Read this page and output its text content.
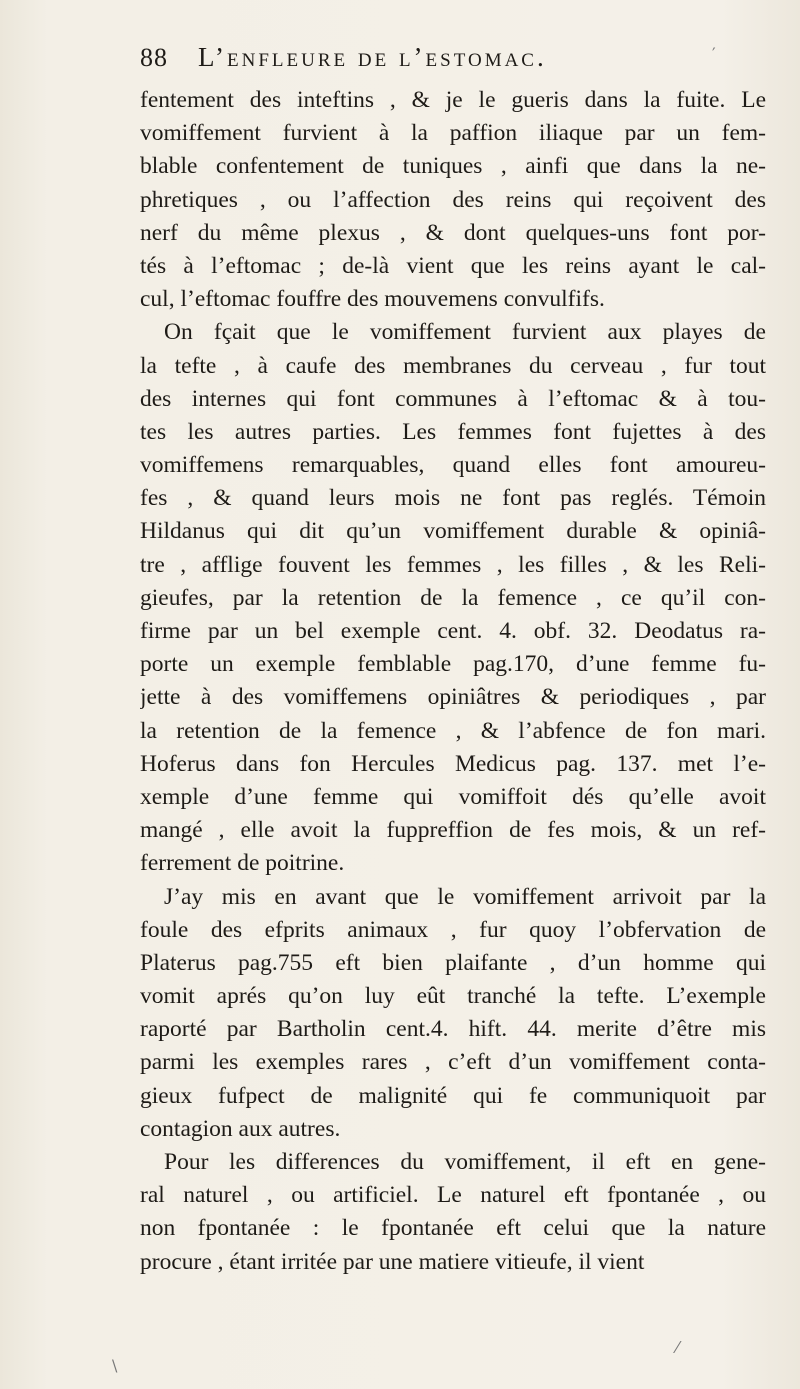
88	L’enfleure de l’estomac.
fentement des inteftins , & je le gueris dans la fuite. Le
vomiffement furvient à la paffion iliaque par un fem-
blable confentement de tuniques , ainfi que dans la ne-
phretiques , ou l’affection des reins qui reçoivent des
nerf du même plexus , & dont quelques-uns font por-
tés à l’eftomac ; de-là vient que les reins ayant le cal-
cul, l’eftomac fouffre des mouvemens convulfifs.
On fçait que le vomiffement furvient aux playes de
la tefte , à caufe des membranes du cerveau , fur tout
des internes qui font communes à l’eftomac & à tou-
tes les autres parties. Les femmes font fujettes à des
vomiffemens remarquables, quand elles font amoureu-
fes , & quand leurs mois ne font pas reglés. Témoin
Hildanus qui dit qu’un vomiffement durable & opiniâ-
tre , afflige fouvent les femmes , les filles , & les Reli-
gieufes, par la retention de la femence , ce qu’il con-
firme par un bel exemple cent. 4. obf. 32. Deodatus ra-
porte un exemple femblable pag.170, d’une femme fu-
jette à des vomiffemens opiniâtres & periodiques , par
la retention de la femence , & l’abfence de fon mari.
Hoferus dans fon Hercules Medicus pag. 137. met l’e-
xemple d’une femme qui vomiffoit dés qu’elle avoit
mangé , elle avoit la fuppreffion de fes mois, & un ref-
ferrement de poitrine.
J’ay mis en avant que le vomiffement arrivoit par la
foule des efprits animaux , fur quoy l’obfervation de
Platerus pag.755 eft bien plaifante , d’un homme qui
vomit aprés qu’on luy eût tranché la tefte. L’exemple
raporté par Bartholin cent.4. hift. 44. merite d’être mis
parmi les exemples rares , c’eft d’un vomiffement conta-
gieux fufpect de malignité qui fe communiquoit par
contagion aux autres.
Pour les differences du vomiffement, il eft en gene-
ral naturel , ou artificiel. Le naturel eft fpontanée , ou
non fpontanée : le fpontanée eft celui que la nature
procure , étant irritée par une matiere vitieufe, il vient
′
\
⁄
